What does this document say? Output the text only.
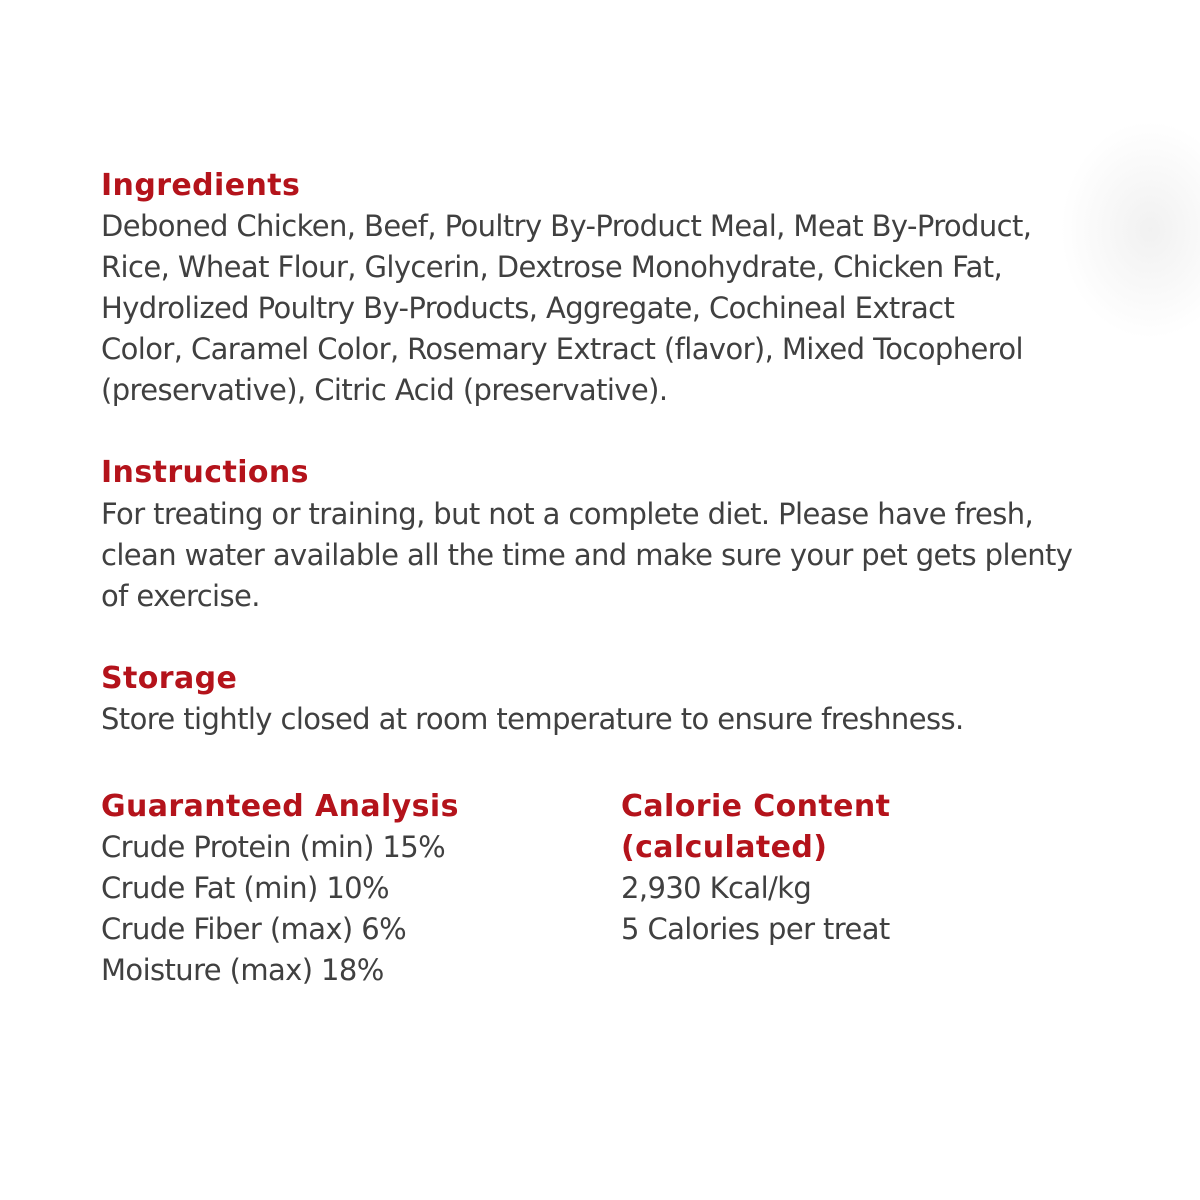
Ingredients

Deboned Chicken, Beef, Poultry By-Product Meal, Meat By-Product,
Rice, Wheat Flour, Glycerin, Dextrose Monohydrate, Chicken Fat,
Hydrolized Poultry By-Products, Aggregate, Cochineal Extract
Color, Caramel Color, Rosemary Extract (flavor), Mixed Tocopherol
(preservative), Citric Acid (preservative).

Instructions

For treating or training, but not a complete diet. Please have fresh,
clean water available all the time and make sure your pet gets plenty
of exercise.

Storage

Store tightly closed at room temperature to ensure freshness.

Guaranteed Analysis

Crude Protein (min) 15%
Crude Fat (min) 10%
Crude Fiber (max) 6%
Moisture (max) 18%

Calorie Content
(calculated)

2,930 Kcal/kg
5 Calories per treat
